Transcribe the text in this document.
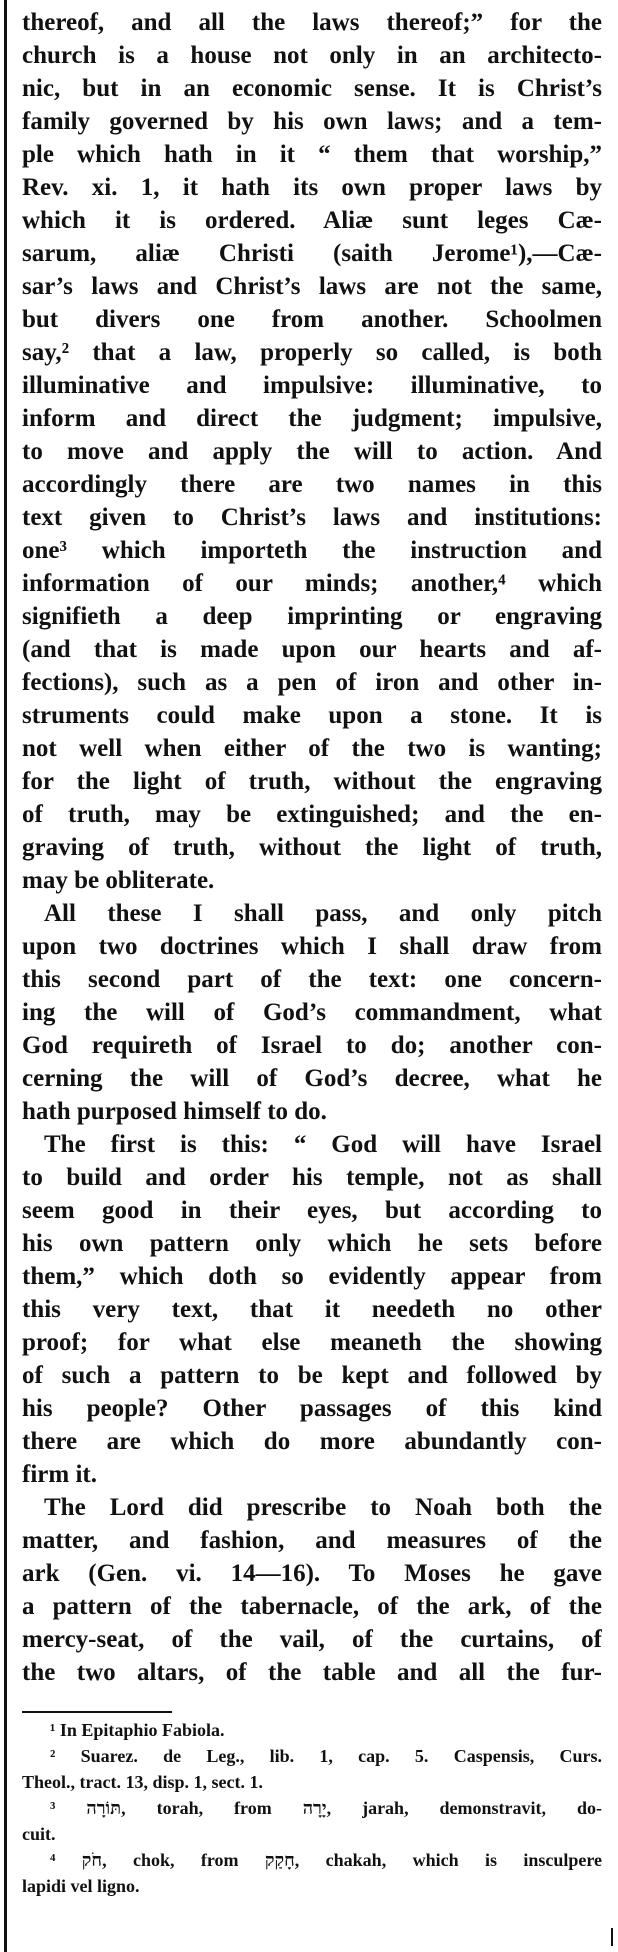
thereof, and all the laws thereof;” for the
church is a house not only in an architecto-
nic, but in an economic sense. It is Christ’s
family governed by his own laws; and a tem-
ple which hath in it “ them that worship,”
Rev. xi. 1, it hath its own proper laws by
which it is ordered. Aliæ sunt leges Cæ-
sarum, aliæ Christi (saith Jerome¹),—Cæ-
sar’s laws and Christ’s laws are not the same,
but divers one from another. Schoolmen
say,² that a law, properly so called, is both
illuminative and impulsive: illuminative, to
inform and direct the judgment; impulsive,
to move and apply the will to action. And
accordingly there are two names in this
text given to Christ’s laws and institutions:
one³ which importeth the instruction and
information of our minds; another,⁴ which
signifieth a deep imprinting or engraving
(and that is made upon our hearts and af-
fections), such as a pen of iron and other in-
struments could make upon a stone. It is
not well when either of the two is wanting;
for the light of truth, without the engraving
of truth, may be extinguished; and the en-
graving of truth, without the light of truth,
may be obliterate.
All these I shall pass, and only pitch
upon two doctrines which I shall draw from
this second part of the text: one concern-
ing the will of God’s commandment, what
God requireth of Israel to do; another con-
cerning the will of God’s decree, what he
hath purposed himself to do.
The first is this: “ God will have Israel
to build and order his temple, not as shall
seem good in their eyes, but according to
his own pattern only which he sets before
them,” which doth so evidently appear from
this very text, that it needeth no other
proof; for what else meaneth the showing
of such a pattern to be kept and followed by
his people? Other passages of this kind
there are which do more abundantly con-
firm it.
The Lord did prescribe to Noah both the
matter, and fashion, and measures of the
ark (Gen. vi. 14—16). To Moses he gave
a pattern of the tabernacle, of the ark, of the
mercy-seat, of the vail, of the curtains, of
the two altars, of the table and all the fur-
¹ In Epitaphio Fabiola.
² Suarez. de Leg., lib. 1, cap. 5. Caspensis, Curs.
Theol., tract. 13, disp. 1, sect. 1.
³ תּוֹרָה, torah, from יָרָה, jarah, demonstravit, do-
cuit.
⁴ חֹק, chok, from חָקַק, chakah, which is insculpere
lapidi vel ligno.
